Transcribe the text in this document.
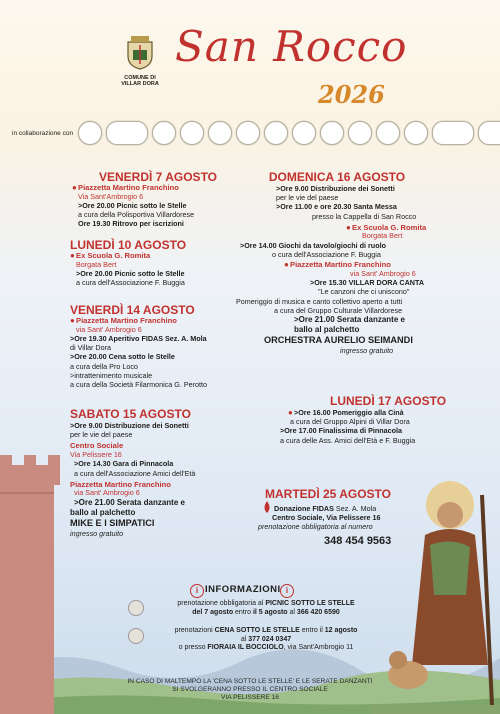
COMUNE DI
VILLAR DORA
San Rocco
2026
in collaborazione con
VENERDÌ 7 AGOSTO
●Piazzetta Martino Franchino
Via Sant'Ambrogio 6
>Ore 20.00 Picnic sotto le Stelle
a cura della Polisportiva Villardorese
Ore 19.30 Ritrovo per iscrizioni
LUNEDÌ 10 AGOSTO
●Ex Scuola G. Romita
Borgata Bert
>Ore 20.00 Picnic sotto le Stelle
a cura dell'Associazione F. Buggia
VENERDÌ 14 AGOSTO
●Piazzetta Martino Franchino
via Sant' Ambrogio 6
>Ore 19.30 Aperitivo FIDAS Sez. A. Mola
di Villar Dora
>Ore 20.00 Cena sotto le Stelle
a cura della Pro Loco
>intrattenimento musicale
a cura della Società Filarmonica G. Perotto
SABATO 15 AGOSTO
>Ore 9.00 Distribuzione dei Sonetti
per le vie del paese
Centro Sociale
Via Pelissere 16
>Ore 14.30 Gara di Pinnacola
a cura dell'Associazione Amici dell'Età
Piazzetta Martino Franchino
via Sant' Ambrogio 6
>Ore 21.00 Serata danzante e
ballo al palchetto
MIKE E I SIMPATICI
ingresso gratuito
DOMENICA 16 AGOSTO
>Ore 9.00 Distribuzione dei Sonetti
per le vie del paese
>Ore 11.00 e ore 20.30 Santa Messa
presso la Cappella di San Rocco
●Ex Scuola G. Romita
Borgata Bert
>Ore 14.00 Giochi da tavolo/giochi di ruolo
o cura dell'Associazione F. Buggia
●Piazzetta Martino Franchino
via Sant' Ambrogio 6
>Ore 15.30 VILLAR DORA CANTA
"Le canzoni che ci uniscono"
Pomeriggio di musica e canto collettivo aperto a tutti
a cura del Gruppo Culturale Villardorese
>Ore 21.00 Serata danzante e
ballo al palchetto
ORCHESTRA AURELIO SEIMANDI
ingresso gratuito
LUNEDÌ 17 AGOSTO
●>Ore 16.00 Pomeriggio alla Cinà
a cura del Gruppo Alpini di Villar Dora
>Ore 17.00 Finalissima di Pinnacola
a cura delle Ass. Amici dell'Età e F. Buggia
MARTEDÌ 25 AGOSTO
Donazione FIDAS Sez. A. Mola
Centro Sociale, Via Pelissere 16
prenotazione obbligatoria al numero
348 454 9563
i INFORMAZIONI i
prenotazione obbligatoria al PICNIC SOTTO LE STELLE
del 7 agosto entro il 5 agosto al 366 420 6590
prenotazioni CENA SOTTO LE STELLE entro il 12 agosto
al 377 024 0347
o presso FIORAIA IL BOCCIOLO, via Sant'Ambrogio 11
IN CASO DI MALTEMPO LA 'CENA SOTTO LE STELLE' E LE SERATE DANZANTI
SI SVOLGERANNO PRESSO IL CENTRO SOCIALE
VIA PELISSERE 16
